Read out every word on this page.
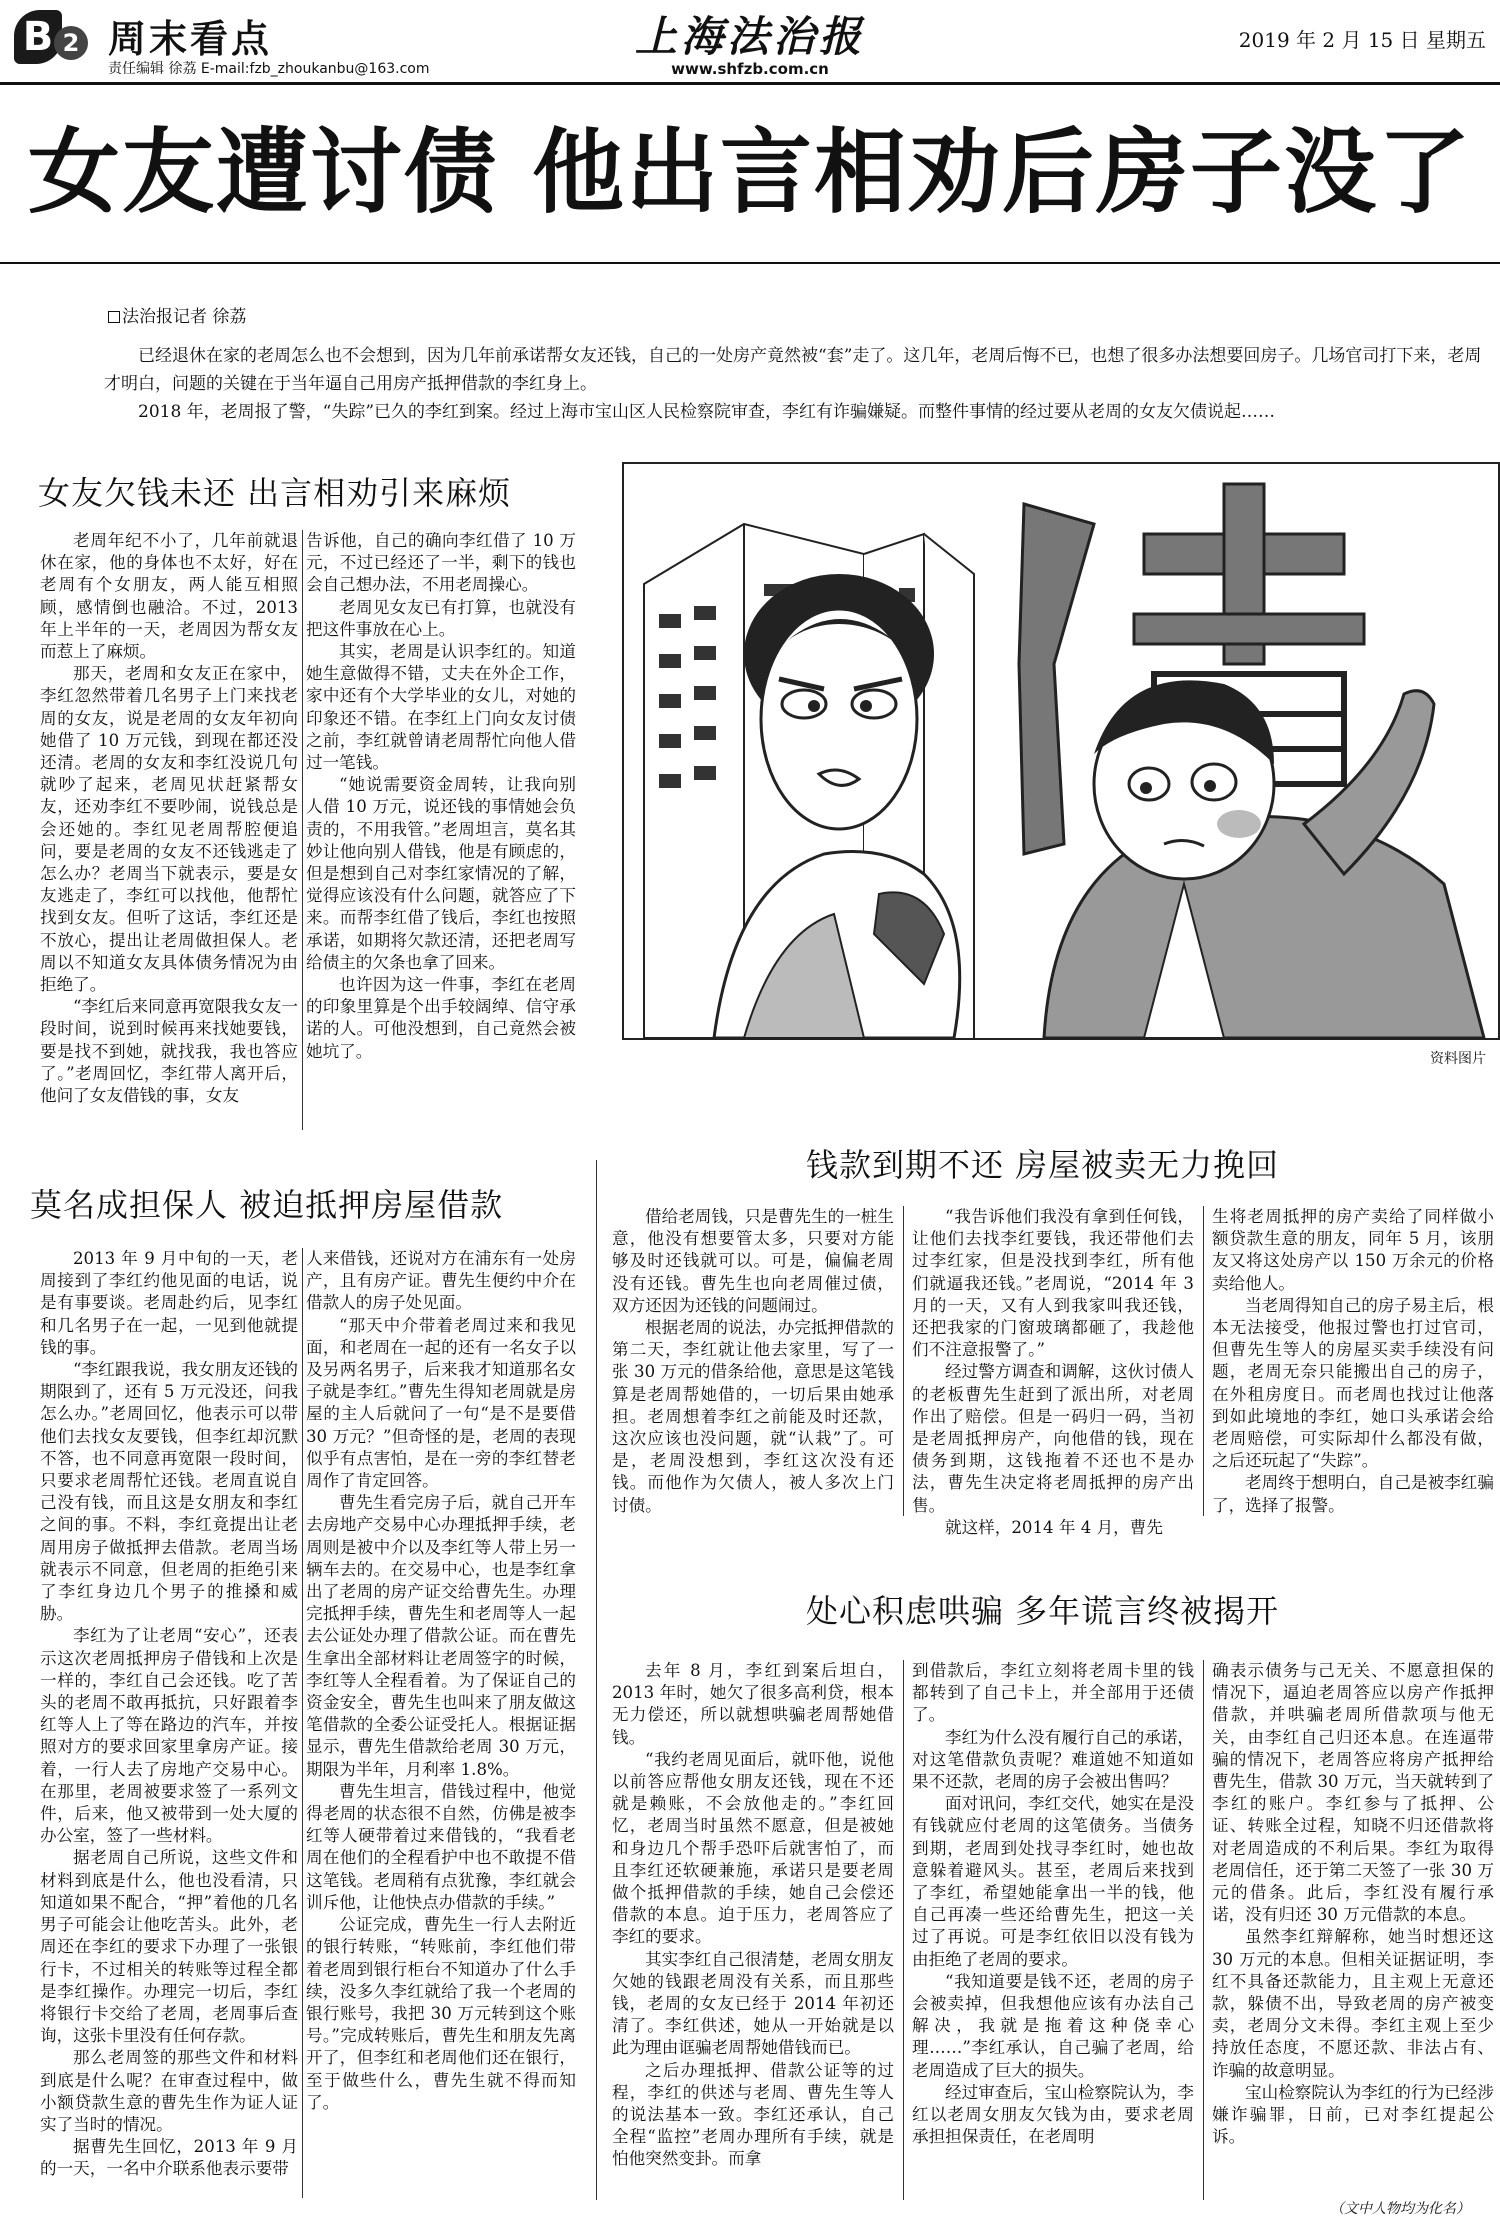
B 2 周末看点
责任编辑 徐荔 E-mail:fzb_zhoukanbu@163.com
上海法治报
www.shfzb.com.cn
2019 年 2 月 15 日 星期五
女友遭讨债 他出言相劝后房子没了
法治报记者 徐荔

已经退休在家的老周怎么也不会想到，因为几年前承诺帮女友还钱，自己的一处房产竟然被“套”走了。这几年，老周后悔不已，也想了很多办法想要回房子。几场官司打下来，老周才明白，问题的关键在于当年逼自己用房产抵押借款的李红身上。

2018 年，老周报了警，“失踪”已久的李红到案。经过上海市宝山区人民检察院审查，李红有诈骗嫌疑。而整件事情的经过要从老周的女友欠债说起……

女友欠钱未还 出言相劝引来麻烦

老周年纪不小了，几年前就退休在家，他的身体也不太好，好在老周有个女朋友，两人能互相照顾，感情倒也融洽。不过，2013 年上半年的一天，老周因为帮女友而惹上了麻烦。

那天，老周和女友正在家中，李红忽然带着几名男子上门来找老周的女友，说是老周的女友年初向她借了 10 万元钱，到现在都还没还清。老周的女友和李红没说几句就吵了起来，老周见状赶紧帮女友，还劝李红不要吵闹，说钱总是会还她的。李红见老周帮腔便追问，要是老周的女友不还钱逃走了怎么办？老周当下就表示，要是女友逃走了，李红可以找他，他帮忙找到女友。但听了这话，李红还是不放心，提出让老周做担保人。老周以不知道女友具体债务情况为由拒绝了。

“李红后来同意再宽限我女友一段时间，说到时候再来找她要钱，要是找不到她，就找我，我也答应了。”老周回忆，李红带人离开后，他问了女友借钱的事，女友

告诉他，自己的确向李红借了 10 万元，不过已经还了一半，剩下的钱也会自己想办法，不用老周操心。

老周见女友已有打算，也就没有把这件事放在心上。

其实，老周是认识李红的。知道她生意做得不错，丈夫在外企工作，家中还有个大学毕业的女儿，对她的印象还不错。在李红上门向女友讨债之前，李红就曾请老周帮忙向他人借过一笔钱。

“她说需要资金周转，让我向别人借 10 万元，说还钱的事情她会负责的，不用我管。”老周坦言，莫名其妙让他向别人借钱，他是有顾虑的，但是想到自己对李红家情况的了解，觉得应该没有什么问题，就答应了下来。而帮李红借了钱后，李红也按照承诺，如期将欠款还清，还把老周写给债主的欠条也拿了回来。

也许因为这一件事，李红在老周的印象里算是个出手较阔绰、信守承诺的人。可他没想到，自己竟然会被她坑了。

债
资料图片
莫名成担保人 被迫抵押房屋借款

2013 年 9 月中旬的一天，老周接到了李红约他见面的电话，说是有事要谈。老周赴约后，见李红和几名男子在一起，一见到他就提钱的事。

“李红跟我说，我女朋友还钱的期限到了，还有 5 万元没还，问我怎么办。”老周回忆，他表示可以带他们去找女友要钱，但李红却沉默不答，也不同意再宽限一段时间，只要求老周帮忙还钱。老周直说自己没有钱，而且这是女朋友和李红之间的事。不料，李红竟提出让老周用房子做抵押去借款。老周当场就表示不同意，但老周的拒绝引来了李红身边几个男子的推搡和威胁。

李红为了让老周“安心”，还表示这次老周抵押房子借钱和上次是一样的，李红自己会还钱。吃了苦头的老周不敢再抵抗，只好跟着李红等人上了等在路边的汽车，并按照对方的要求回家里拿房产证。接着，一行人去了房地产交易中心。在那里，老周被要求签了一系列文件，后来，他又被带到一处大厦的办公室，签了一些材料。

据老周自己所说，这些文件和材料到底是什么，他也没看清，只知道如果不配合，“押”着他的几名男子可能会让他吃苦头。此外，老周还在李红的要求下办理了一张银行卡，不过相关的转账等过程全都是李红操作。办理完一切后，李红将银行卡交给了老周，老周事后查询，这张卡里没有任何存款。

那么老周签的那些文件和材料到底是什么呢？在审查过程中，做小额贷款生意的曹先生作为证人证实了当时的情况。

据曹先生回忆，2013 年 9 月的一天，一名中介联系他表示要带

人来借钱，还说对方在浦东有一处房产，且有房产证。曹先生便约中介在借款人的房子处见面。

“那天中介带着老周过来和我见面，和老周在一起的还有一名女子以及另两名男子，后来我才知道那名女子就是李红。”曹先生得知老周就是房屋的主人后就问了一句“是不是要借 30 万元？”但奇怪的是，老周的表现似乎有点害怕，是在一旁的李红替老周作了肯定回答。

曹先生看完房子后，就自己开车去房地产交易中心办理抵押手续，老周则是被中介以及李红等人带上另一辆车去的。在交易中心，也是李红拿出了老周的房产证交给曹先生。办理完抵押手续，曹先生和老周等人一起去公证处办理了借款公证。而在曹先生拿出全部材料让老周签字的时候，李红等人全程看着。为了保证自己的资金安全，曹先生也叫来了朋友做这笔借款的全委公证受托人。根据证据显示，曹先生借款给老周 30 万元，期限为半年，月利率 1.8%。

曹先生坦言，借钱过程中，他觉得老周的状态很不自然，仿佛是被李红等人硬带着过来借钱的，“我看老周在他们的全程看护中也不敢提不借这笔钱。老周稍有点犹豫，李红就会训斥他，让他快点办借款的手续。”

公证完成，曹先生一行人去附近的银行转账，“转账前，李红他们带着老周到银行柜台不知道办了什么手续，没多久李红就给了我一个老周的银行账号，我把 30 万元转到这个账号。”完成转账后，曹先生和朋友先离开了，但李红和老周他们还在银行，至于做些什么，曹先生就不得而知了。

钱款到期不还 房屋被卖无力挽回

借给老周钱，只是曹先生的一桩生意，他没有想要管太多，只要对方能够及时还钱就可以。可是，偏偏老周没有还钱。曹先生也向老周催过债，双方还因为还钱的问题闹过。

根据老周的说法，办完抵押借款的第二天，李红就让他去家里，写了一张 30 万元的借条给他，意思是这笔钱算是老周帮她借的，一切后果由她承担。老周想着李红之前能及时还款，这次应该也没问题，就“认栽”了。可是，老周没想到，李红这次没有还钱。而他作为欠债人，被人多次上门讨债。

“我告诉他们我没有拿到任何钱，让他们去找李红要钱，我还带他们去过李红家，但是没找到李红，所有他们就逼我还钱。”老周说，“2014 年 3 月的一天，又有人到我家叫我还钱，还把我家的门窗玻璃都砸了，我趁他们不注意报警了。”

经过警方调查和调解，这伙讨债人的老板曹先生赶到了派出所，对老周作出了赔偿。但是一码归一码，当初是老周抵押房产，向他借的钱，现在债务到期，这钱拖着不还也不是办法，曹先生决定将老周抵押的房产出售。

就这样，2014 年 4 月，曹先

生将老周抵押的房产卖给了同样做小额贷款生意的朋友，同年 5 月，该朋友又将这处房产以 150 万余元的价格卖给他人。

当老周得知自己的房子易主后，根本无法接受，他报过警也打过官司，但曹先生等人的房屋买卖手续没有问题，老周无奈只能搬出自己的房子，在外租房度日。而老周也找过让他落到如此境地的李红，她口头承诺会给老周赔偿，可实际却什么都没有做，之后还玩起了“失踪”。

老周终于想明白，自己是被李红骗了，选择了报警。

处心积虑哄骗 多年谎言终被揭开

去年 8 月，李红到案后坦白，2013 年时，她欠了很多高利贷，根本无力偿还，所以就想哄骗老周帮她借钱。

“我约老周见面后，就吓他，说他以前答应帮他女朋友还钱，现在不还就是赖账，不会放他走的。”李红回忆，老周当时虽然不愿意，但是被她和身边几个帮手恐吓后就害怕了，而且李红还软硬兼施，承诺只是要老周做个抵押借款的手续，她自己会偿还借款的本息。迫于压力，老周答应了李红的要求。

其实李红自己很清楚，老周女朋友欠她的钱跟老周没有关系，而且那些钱，老周的女友已经于 2014 年初还清了。李红供述，她从一开始就是以此为理由诓骗老周帮她借钱而已。

之后办理抵押、借款公证等的过程，李红的供述与老周、曹先生等人的说法基本一致。李红还承认，自己全程“监控”老周办理所有手续，就是怕他突然变卦。而拿

到借款后，李红立刻将老周卡里的钱都转到了自己卡上，并全部用于还债了。

李红为什么没有履行自己的承诺，对这笔借款负责呢？难道她不知道如果不还款，老周的房子会被出售吗？

面对讯问，李红交代，她实在是没有钱就应付老周的这笔债务。当债务到期，老周到处找寻李红时，她也故意躲着避风头。甚至，老周后来找到了李红，希望她能拿出一半的钱，他自己再凑一些还给曹先生，把这一关过了再说。可是李红依旧以没有钱为由拒绝了老周的要求。

“我知道要是钱不还，老周的房子会被卖掉，但我想他应该有办法自己解决，我就是拖着这种侥幸心理……”李红承认，自己骗了老周，给老周造成了巨大的损失。

经过审查后，宝山检察院认为，李红以老周女朋友欠钱为由，要求老周承担担保责任，在老周明

确表示债务与己无关、不愿意担保的情况下，逼迫老周答应以房产作抵押借款，并哄骗老周所借款项与他无关，由李红自己归还本息。在连逼带骗的情况下，老周答应将房产抵押给曹先生，借款 30 万元，当天就转到了李红的账户。李红参与了抵押、公证、转账全过程，知晓不归还借款将对老周造成的不利后果。李红为取得老周信任，还于第二天签了一张 30 万元的借条。此后，李红没有履行承诺，没有归还 30 万元借款的本息。

虽然李红辩解称，她当时想还这 30 万元的本息。但相关证据证明，李红不具备还款能力，且主观上无意还款，躲债不出，导致老周的房产被变卖，老周分文未得。李红主观上至少持放任态度，不愿还款、非法占有、诈骗的故意明显。

宝山检察院认为李红的行为已经涉嫌诈骗罪，日前，已对李红提起公诉。

（文中人物均为化名）
